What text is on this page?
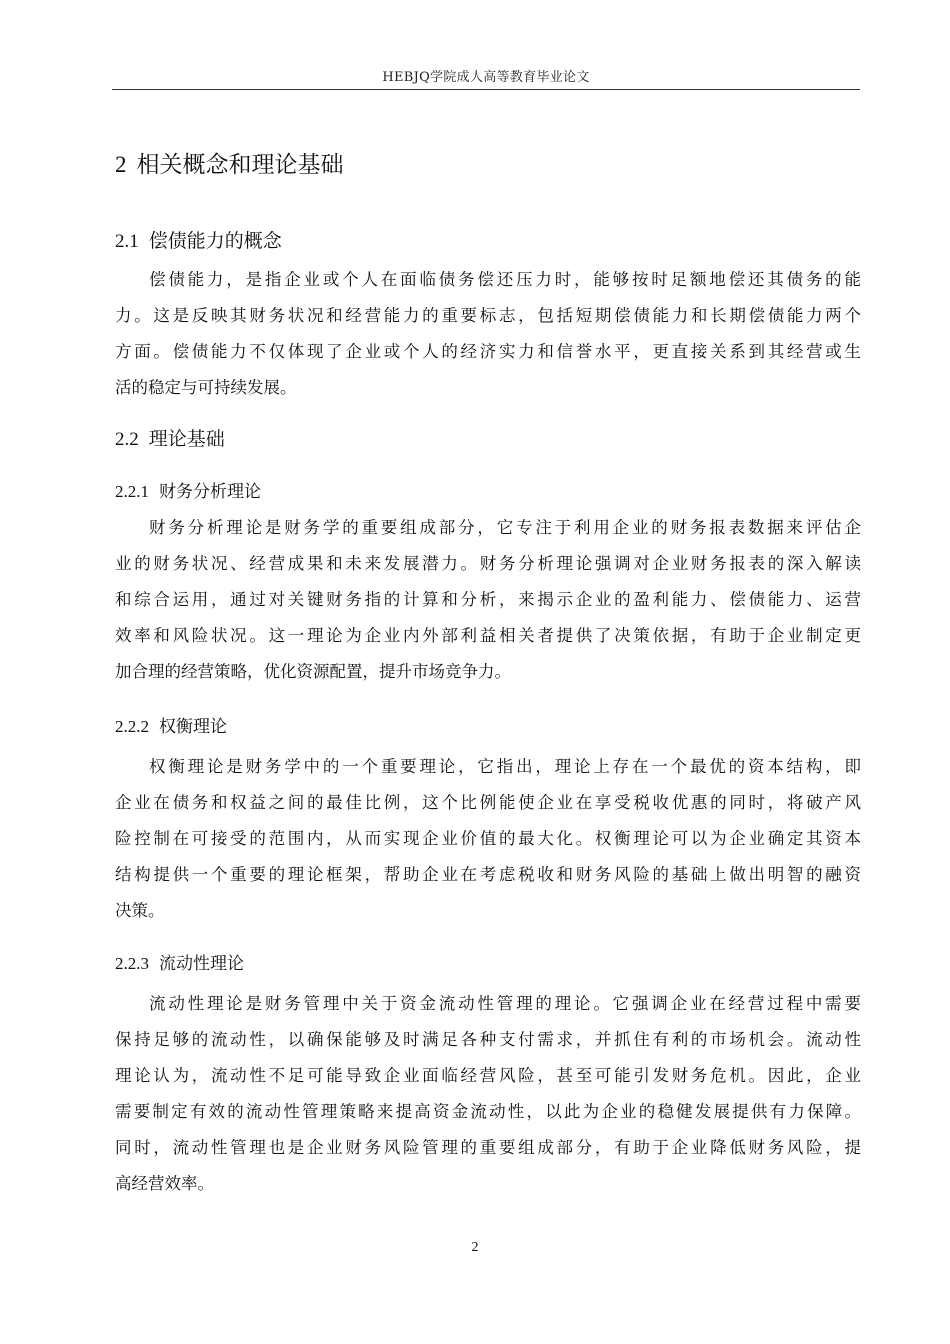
HEBJQ学院成人高等教育毕业论文
2 相关概念和理论基础
2.1 偿债能力的概念
偿债能力，是指企业或个人在面临债务偿还压力时，能够按时足额地偿还其债务的能
力。这是反映其财务状况和经营能力的重要标志，包括短期偿债能力和长期偿债能力两个
方面。偿债能力不仅体现了企业或个人的经济实力和信誉水平，更直接关系到其经营或生
活的稳定与可持续发展。
2.2 理论基础
2.2.1 财务分析理论
财务分析理论是财务学的重要组成部分，它专注于利用企业的财务报表数据来评估企
业的财务状况、经营成果和未来发展潜力。财务分析理论强调对企业财务报表的深入解读
和综合运用，通过对关键财务指的计算和分析，来揭示企业的盈利能力、偿债能力、运营
效率和风险状况。这一理论为企业内外部利益相关者提供了决策依据，有助于企业制定更
加合理的经营策略，优化资源配置，提升市场竞争力。
2.2.2 权衡理论
权衡理论是财务学中的一个重要理论，它指出，理论上存在一个最优的资本结构，即
企业在债务和权益之间的最佳比例，这个比例能使企业在享受税收优惠的同时，将破产风
险控制在可接受的范围内，从而实现企业价值的最大化。权衡理论可以为企业确定其资本
结构提供一个重要的理论框架，帮助企业在考虑税收和财务风险的基础上做出明智的融资
决策。
2.2.3 流动性理论
流动性理论是财务管理中关于资金流动性管理的理论。它强调企业在经营过程中需要
保持足够的流动性，以确保能够及时满足各种支付需求，并抓住有利的市场机会。流动性
理论认为，流动性不足可能导致企业面临经营风险，甚至可能引发财务危机。因此，企业
需要制定有效的流动性管理策略来提高资金流动性，以此为企业的稳健发展提供有力保障。
同时，流动性管理也是企业财务风险管理的重要组成部分，有助于企业降低财务风险，提
高经营效率。
2
